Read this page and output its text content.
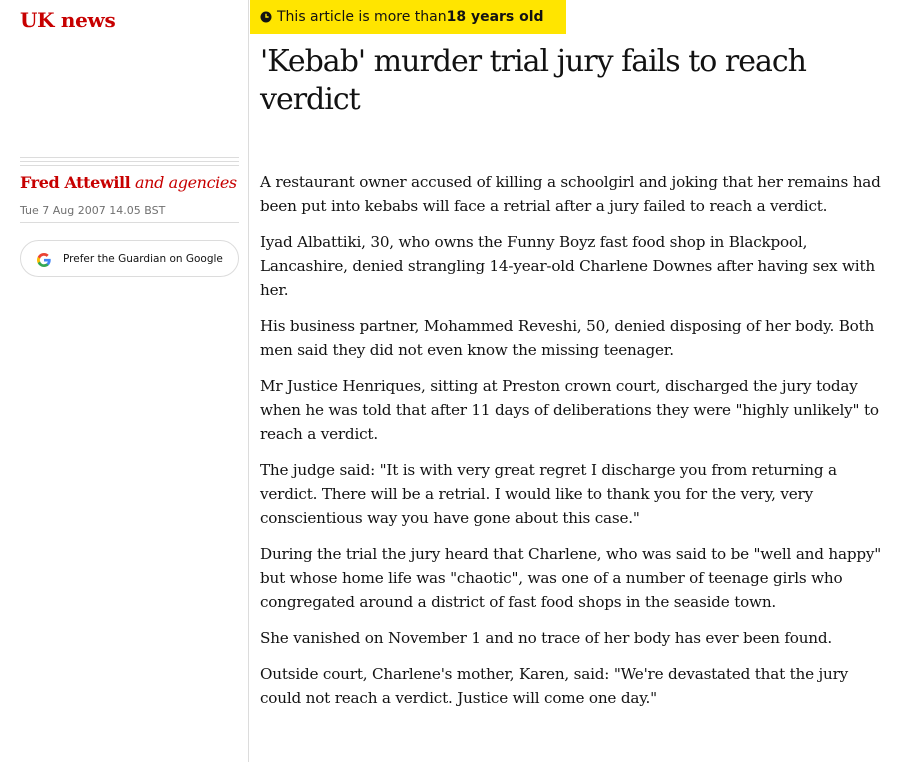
UK news
Fred Attewill and agencies
Tue 7 Aug 2007 14.05 BST
Prefer the Guardian on Google
This article is more than 18 years old
'Kebab' murder trial jury fails to reach verdict

A restaurant owner accused of killing a schoolgirl and joking that her remains had been put into kebabs will face a retrial after a jury failed to reach a verdict.

Iyad Albattiki, 30, who owns the Funny Boyz fast food shop in Blackpool, Lancashire, denied strangling 14-year-old Charlene Downes after having sex with her.

His business partner, Mohammed Reveshi, 50, denied disposing of her body. Both men said they did not even know the missing teenager.

Mr Justice Henriques, sitting at Preston crown court, discharged the jury today when he was told that after 11 days of deliberations they were "highly unlikely" to reach a verdict.

The judge said: "It is with very great regret I discharge you from returning a verdict. There will be a retrial. I would like to thank you for the very, very conscientious way you have gone about this case."

During the trial the jury heard that Charlene, who was said to be "well and happy" but whose home life was "chaotic", was one of a number of teenage girls who congregated around a district of fast food shops in the seaside town.

She vanished on November 1 and no trace of her body has ever been found.

Outside court, Charlene's mother, Karen, said: "We're devastated that the jury could not reach a verdict. Justice will come one day."
